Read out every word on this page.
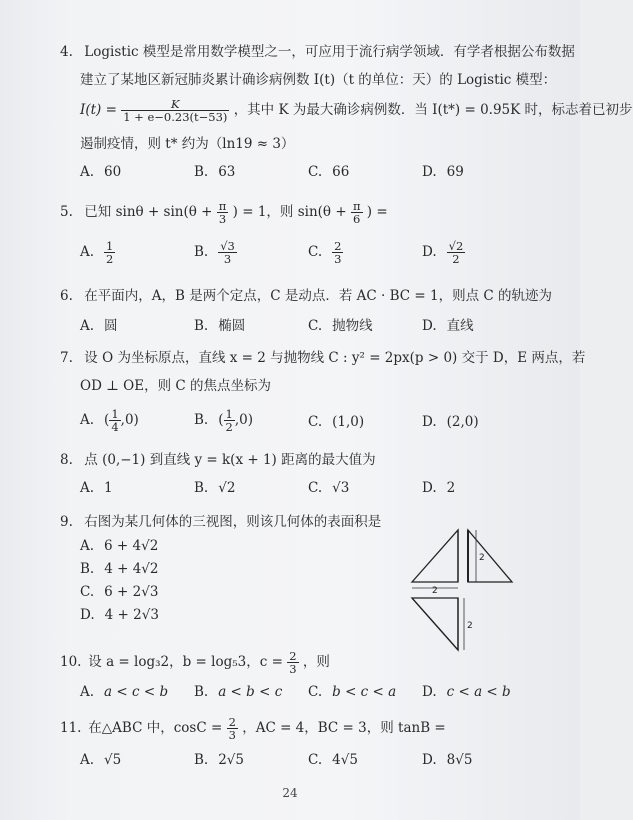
4. Logistic 模型是常用数学模型之一，可应用于流行病学领域．有学者根据公布数据
建立了某地区新冠肺炎累计确诊病例数 I(t)（t 的单位：天）的 Logistic 模型：
$I(t) = \frac{K}{1 + e-0.23(t-53)}$ ，其中 K 为最大确诊病例数．当 I(t*) = 0.95K 时，标志着已初步
遏制疫情，则 t* 约为（ln19 ≈ 3）
A. 60	B. 63	C. 66	D. 69
5. 已知 $\sin\theta + \sin(\theta + \frac{\pi}{3}$ ) = 1，则 $\sin(\theta + \frac{\pi}{6}$ ) =
A. $\frac{1}{2}$	B. $\frac{√3}{3}$	C. $\frac{2}{3}$	D. $\frac{√2}{2}$
6. 在平面内，A，B 是两个定点，C 是动点．若 AC · BC = 1，则点 C 的轨迹为
A. 圆	B. 椭圆	C. 抛物线	D. 直线
7. 设 O 为坐标原点，直线 x = 2 与抛物线 C : y² = 2px(p > 0) 交于 D，E 两点，若
OD ⊥ OE，则 C 的焦点坐标为
A. ( $\frac{1}{4} ,0$)	B. ( $\frac{1}{2} ,0$)	C. (1,0)	D. (2,0)
8. 点 (0,−1) 到直线 y = k(x + 1) 距离的最大值为
A. 1	B. √2	C. √3	D. 2
9. 右图为某几何体的三视图，则该几何体的表面积是
A. 6 + 4√2
B. 4 + 4√2
C. 6 + 2√3
D. 4 + 2√3
2
2
2
10. 设 a = log₃2，b = log₅3，$c = \frac{2}{3}$ ，则
A. a < c < b B. a < b < c C. b < c < a D. c < a < b
11. 在△ABC 中，$\cos C = \frac{2}{3}$ ，AC = 4，BC = 3，则 tanB =
A. √5	B. 2√5	C. 4√5	D. 8√5
24
